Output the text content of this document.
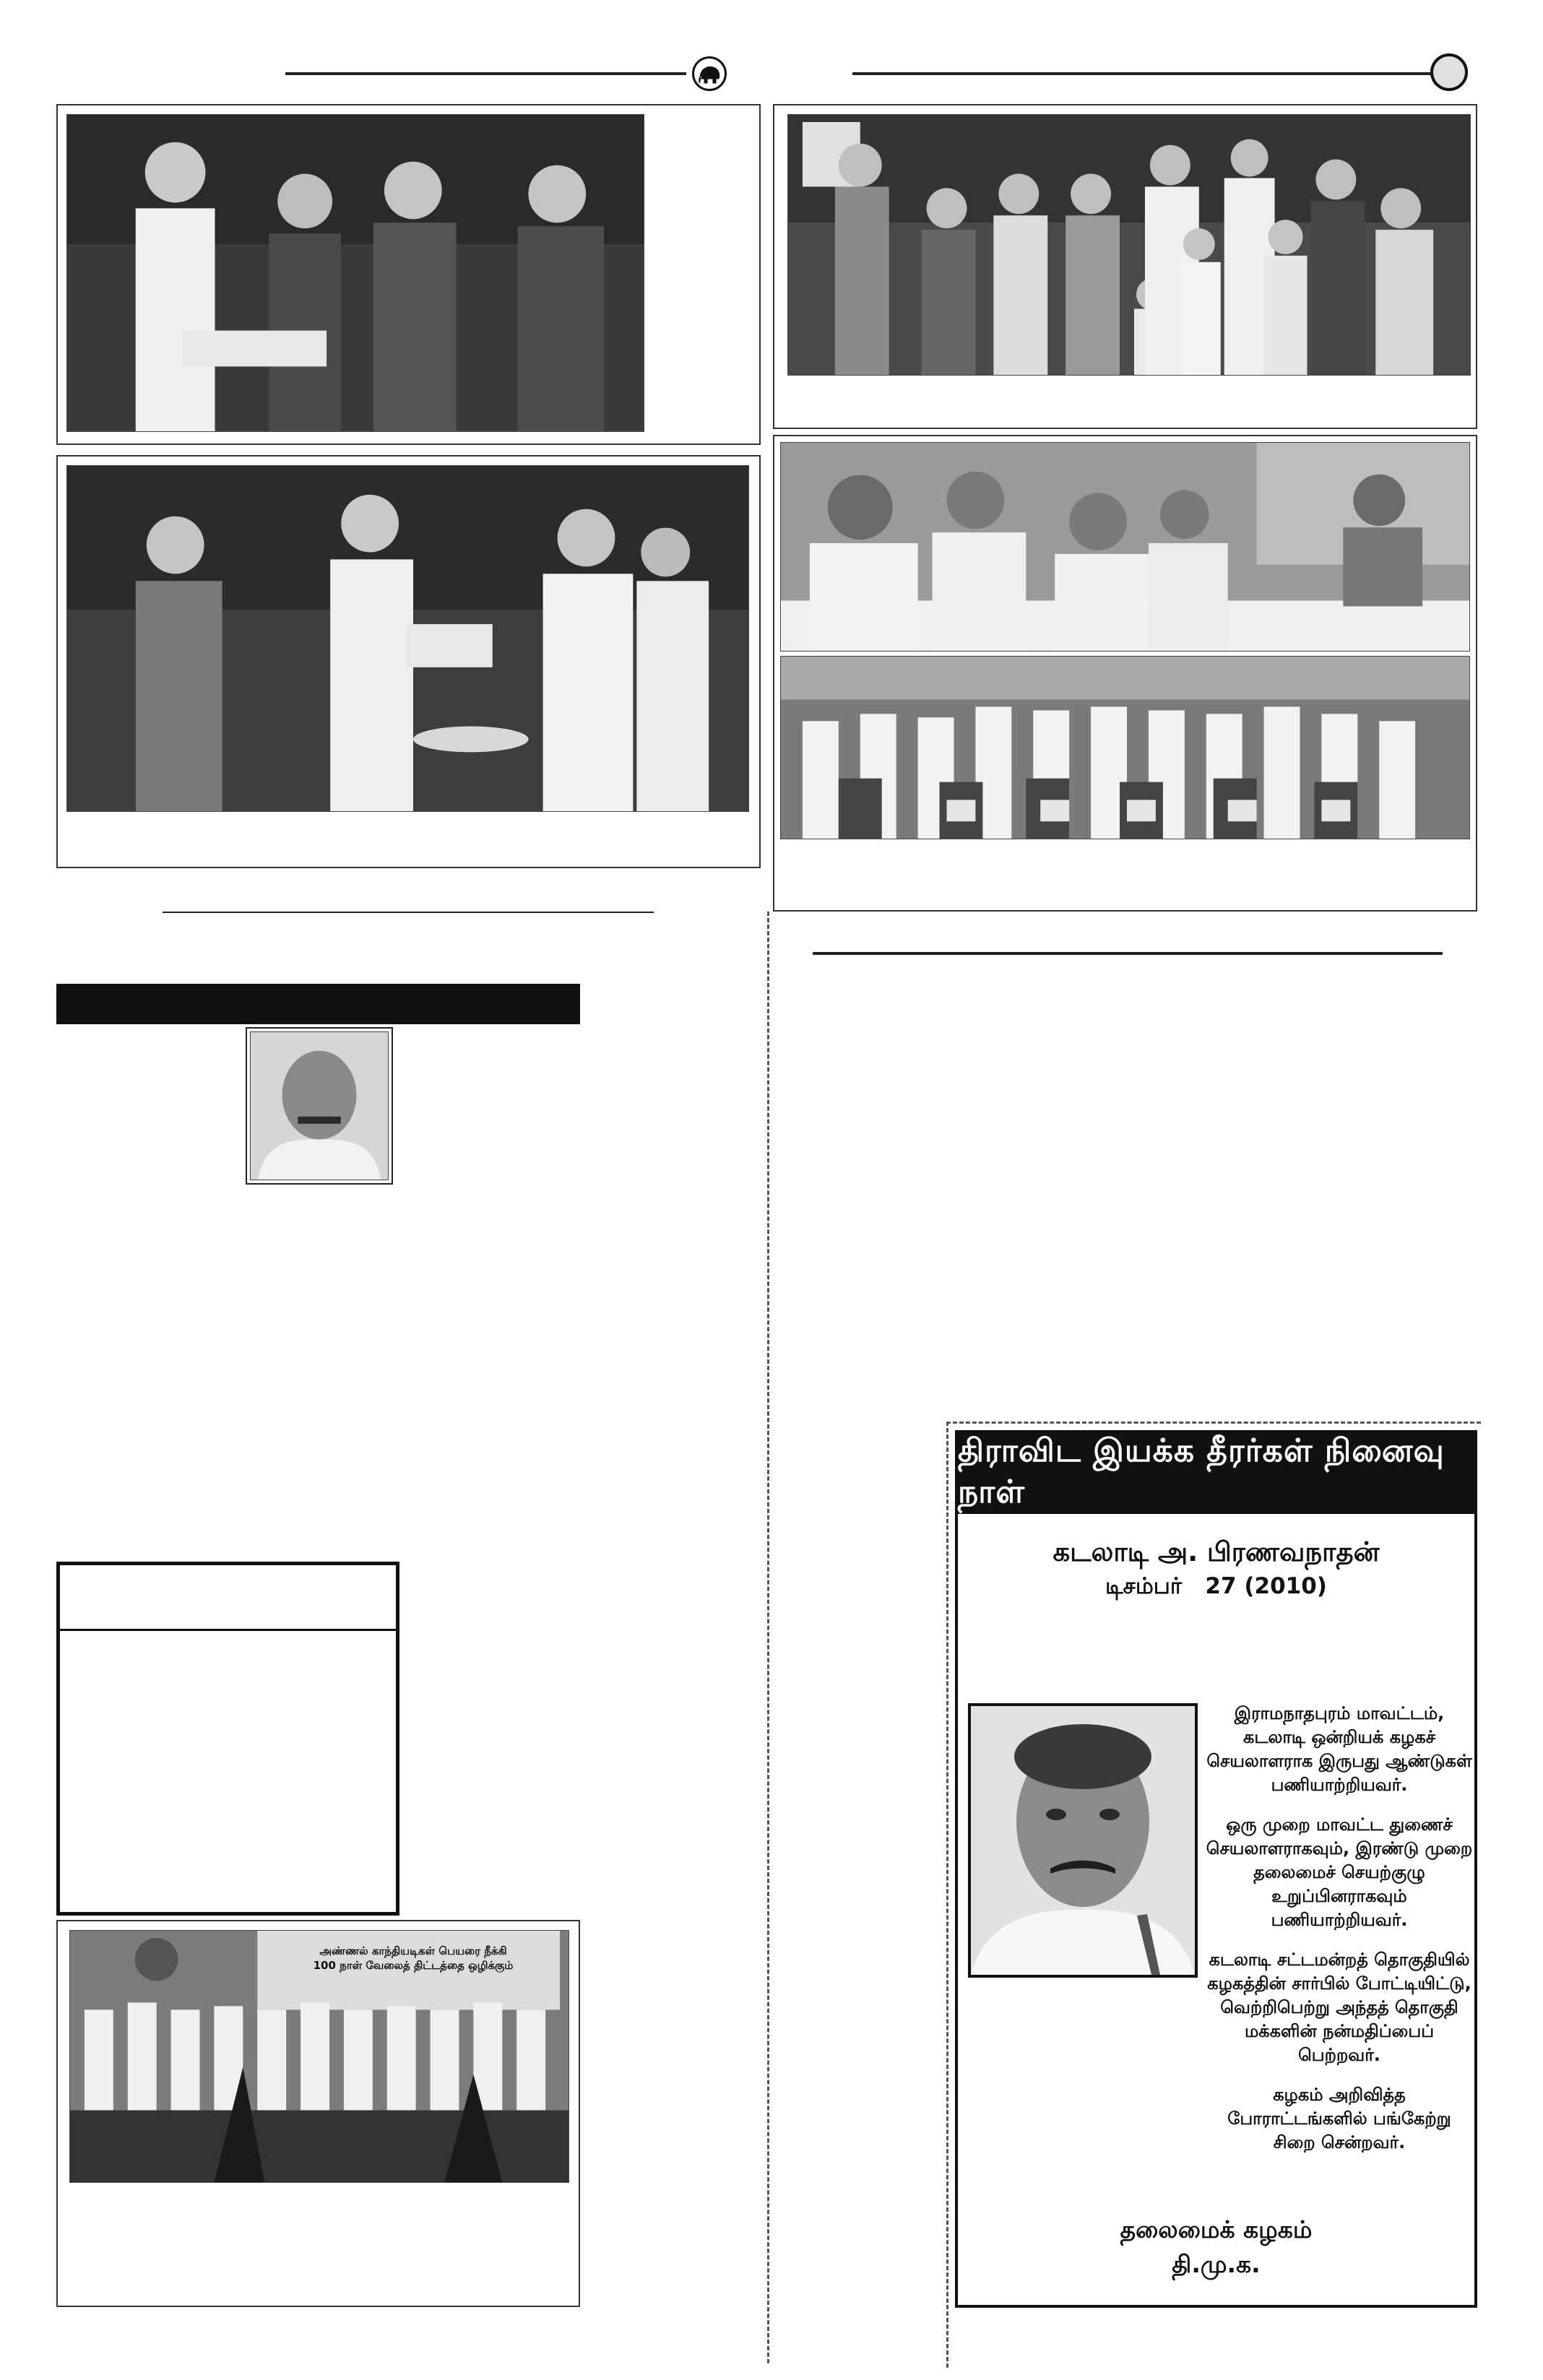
அண்ணல் காந்தியடிகள் பெயரை நீக்கி
100 நாள் வேலைத் திட்டத்தை ஒழிக்கும்
திராவிட இயக்க தீரர்கள் நினைவு நாள்
கடலாடி அ. பிரணவநாதன்
டிசம்பர்   27 (2010)

இராமநாதபுரம் மாவட்டம், கடலாடி ஒன்றியக் கழகச் செயலாளராக இருபது ஆண்டுகள் பணியாற்றியவர்.

ஒரு முறை மாவட்ட துணைச் செயலாளராகவும், இரண்டு முறை தலைமைச் செயற்குழு உறுப்பினராகவும் பணியாற்றியவர்.

கடலாடி சட்டமன்றத் தொகுதியில் கழகத்தின் சார்பில் போட்டியிட்டு, வெற்றிபெற்று அந்தத் தொகுதி மக்களின் நன்மதிப்பைப் பெற்றவர்.

கழகம் அறிவித்த போராட்டங்களில் பங்கேற்று சிறை சென்றவர்.

தலைமைக் கழகம்
தி.மு.க.
